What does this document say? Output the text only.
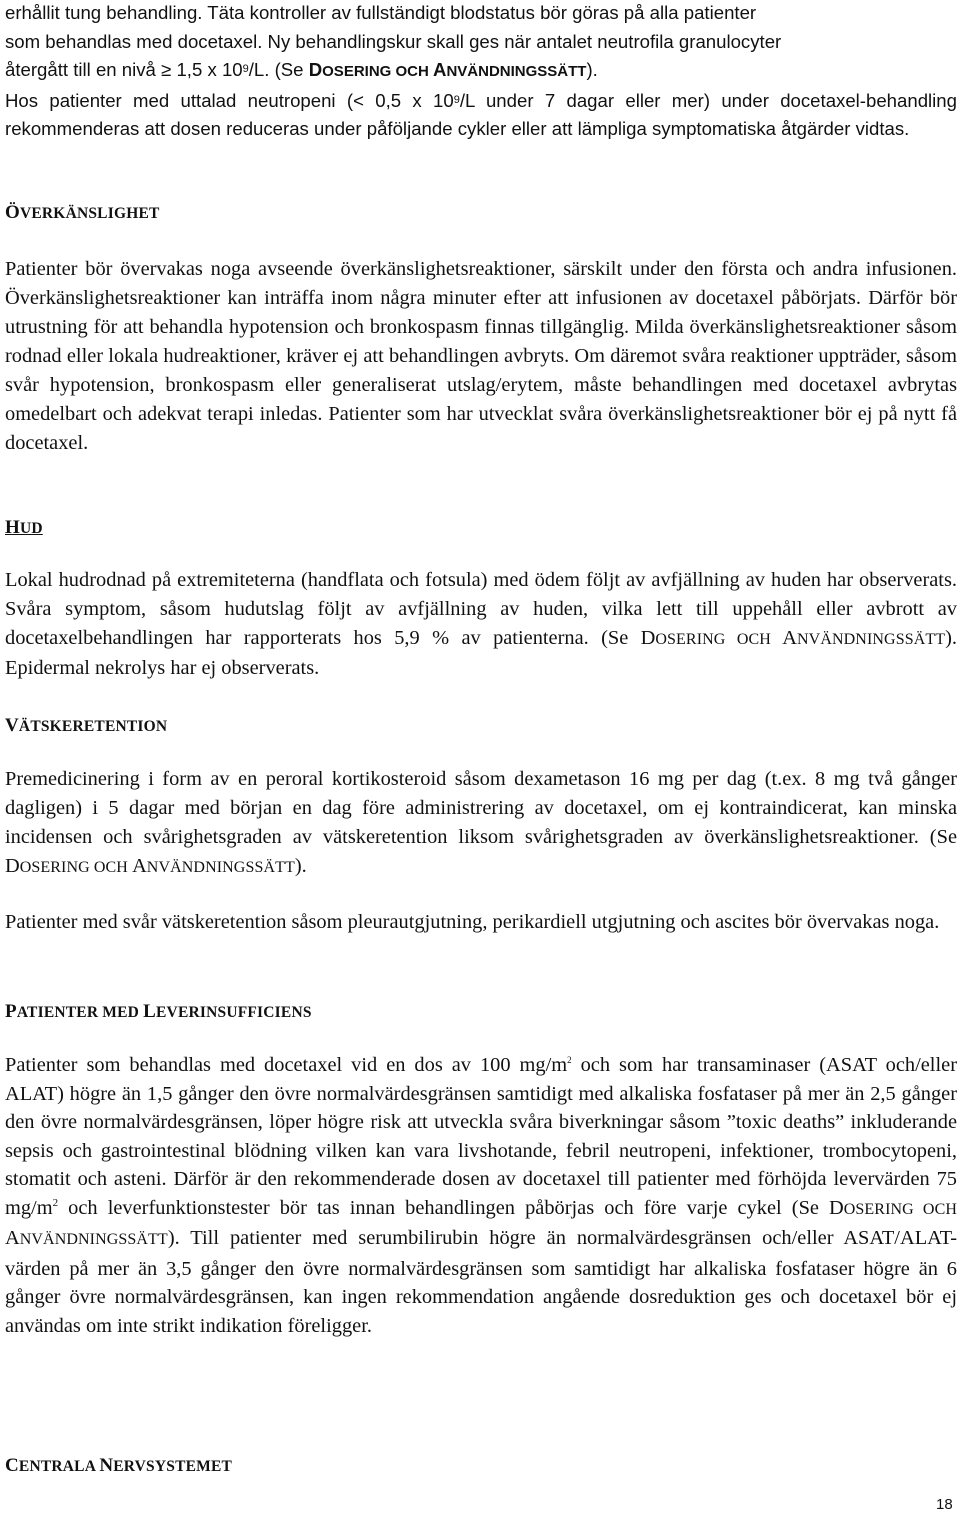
erhållit tung behandling. Täta kontroller av fullständigt blodstatus bör göras på alla patienter
som behandlas med docetaxel. Ny behandlingskur skall ges när antalet neutrofila granulocyter
återgått till en nivå ≥ 1,5 x $10^9/L$. (Se DOSERING OCH ANVÄNDNINGSSÄTT).

Hos patienter med uttalad neutropeni (< 0,5 x $10^9/L$ under 7 dagar eller mer) under docetaxel-behandling rekommenderas att dosen reduceras under påföljande cykler eller att lämpliga symptomatiska åtgärder vidtas.

ÖVERKÄNSLIGHET

Patienter bör övervakas noga avseende överkänslighetsreaktioner, särskilt under den första och andra infusionen. Överkänslighetsreaktioner kan inträffa inom några minuter efter att infusionen av docetaxel påbörjats. Därför bör utrustning för att behandla hypotension och bronkospasm finnas tillgänglig. Milda överkänslighetsreaktioner såsom rodnad eller lokala hudreaktioner, kräver ej att behandlingen avbryts. Om däremot svåra reaktioner uppträder, såsom svår hypotension, bronkospasm eller generaliserat utslag/erytem, måste behandlingen med docetaxel avbrytas omedelbart och adekvat terapi inledas. Patienter som har utvecklat svåra överkänslighetsreaktioner bör ej på nytt få docetaxel.

HUD

Lokal hudrodnad på extremiteterna (handflata och fotsula) med ödem följt av avfjällning av huden har observerats. Svåra symptom, såsom hudutslag följt av avfjällning av huden, vilka lett till uppehåll eller avbrott av docetaxelbehandlingen har rapporterats hos 5,9 % av patienterna. (Se DOSERING OCH ANVÄNDNINGSSÄTT). Epidermal nekrolys har ej observerats.

VÄTSKERETENTION

Premedicinering i form av en peroral kortikosteroid såsom dexametason 16 mg per dag (t.ex. 8 mg två gånger dagligen) i 5 dagar med början en dag före administrering av docetaxel, om ej kontraindicerat, kan minska incidensen och svårighetsgraden av vätskeretention liksom svårighetsgraden av överkänslighetsreaktioner. (Se DOSERING OCH ANVÄNDNINGSSÄTT).

Patienter med svår vätskeretention såsom pleurautgjutning, perikardiell utgjutning och ascites bör övervakas noga.

PATIENTER MED LEVERINSUFFICIENS

Patienter som behandlas med docetaxel vid en dos av 100 $mg/m^2$ och som har transaminaser (ASAT och/eller ALAT) högre än 1,5 gånger den övre normalvärdesgränsen samtidigt med alkaliska fosfataser på mer än 2,5 gånger den övre normalvärdesgränsen, löper högre risk att utveckla svåra biverkningar såsom ”toxic deaths” inkluderande sepsis och gastrointestinal blödning vilken kan vara livshotande, febril neutropeni, infektioner, trombocytopeni, stomatit och asteni. Därför är den rekommenderade dosen av docetaxel till patienter med förhöjda levervärden 75 $mg/m^2$ och leverfunktionstester bör tas innan behandlingen påbörjas och före varje cykel (Se DOSERING OCH ANVÄNDNINGSSÄTT). Till patienter med serumbilirubin högre än normalvärdesgränsen och/eller ASAT/ALAT-värden på mer än 3,5 gånger den övre normalvärdesgränsen som samtidigt har alkaliska fosfataser högre än 6 gånger övre normalvärdesgränsen, kan ingen rekommendation angående dosreduktion ges och docetaxel bör ej användas om inte strikt indikation föreligger.

CENTRALA NERVSYSTEMET
18
